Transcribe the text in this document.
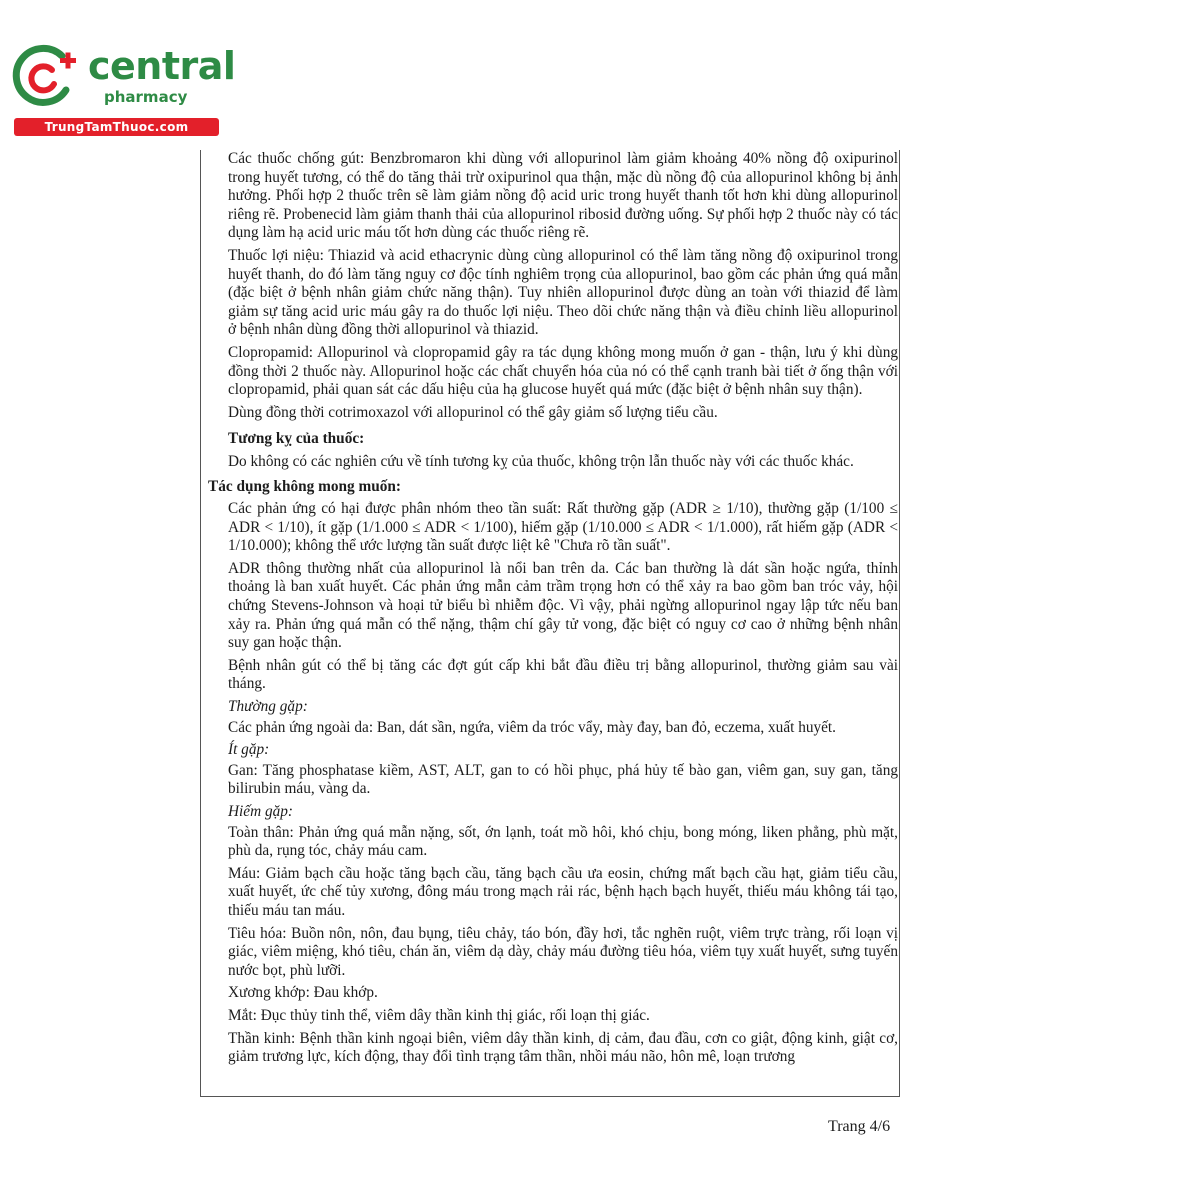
central
pharmacy
TrungTamThuoc.com

Các thuốc chống gút: Benzbromaron khi dùng với allopurinol làm giảm khoảng 40% nồng độ oxipurinol trong huyết tương, có thể do tăng thải trừ oxipurinol qua thận, mặc dù nồng độ của allopurinol không bị ảnh hưởng. Phối hợp 2 thuốc trên sẽ làm giảm nồng độ acid uric trong huyết thanh tốt hơn khi dùng allopurinol riêng rẽ. Probenecid làm giảm thanh thải của allopurinol ribosid đường uống. Sự phối hợp 2 thuốc này có tác dụng làm hạ acid uric máu tốt hơn dùng các thuốc riêng rẽ.

Thuốc lợi niệu: Thiazid và acid ethacrynic dùng cùng allopurinol có thể làm tăng nồng độ oxipurinol trong huyết thanh, do đó làm tăng nguy cơ độc tính nghiêm trọng của allopurinol, bao gồm các phản ứng quá mẫn (đặc biệt ở bệnh nhân giảm chức năng thận). Tuy nhiên allopurinol được dùng an toàn với thiazid để làm giảm sự tăng acid uric máu gây ra do thuốc lợi niệu. Theo dõi chức năng thận và điều chỉnh liều allopurinol ở bệnh nhân dùng đồng thời allopurinol và thiazid.

Clopropamid: Allopurinol và clopropamid gây ra tác dụng không mong muốn ở gan - thận, lưu ý khi dùng đồng thời 2 thuốc này. Allopurinol hoặc các chất chuyển hóa của nó có thể cạnh tranh bài tiết ở ống thận với clopropamid, phải quan sát các dấu hiệu của hạ glucose huyết quá mức (đặc biệt ở bệnh nhân suy thận).

Dùng đồng thời cotrimoxazol với allopurinol có thể gây giảm số lượng tiểu cầu.

Tương kỵ của thuốc:

Do không có các nghiên cứu về tính tương kỵ của thuốc, không trộn lẫn thuốc này với các thuốc khác.

Tác dụng không mong muốn:

Các phản ứng có hại được phân nhóm theo tần suất: Rất thường gặp (ADR ≥ 1/10), thường gặp (1/100 ≤ ADR < 1/10), ít gặp (1/1.000 ≤ ADR < 1/100), hiếm gặp (1/10.000 ≤ ADR < 1/1.000), rất hiếm gặp (ADR < 1/10.000); không thể ước lượng tần suất được liệt kê "Chưa rõ tần suất".

ADR thông thường nhất của allopurinol là nổi ban trên da. Các ban thường là dát sần hoặc ngứa, thỉnh thoảng là ban xuất huyết. Các phản ứng mẫn cảm trầm trọng hơn có thể xảy ra bao gồm ban tróc vảy, hội chứng Stevens-Johnson và hoại tử biểu bì nhiễm độc. Vì vậy, phải ngừng allopurinol ngay lập tức nếu ban xảy ra. Phản ứng quá mẫn có thể nặng, thậm chí gây tử vong, đặc biệt có nguy cơ cao ở những bệnh nhân suy gan hoặc thận.

Bệnh nhân gút có thể bị tăng các đợt gút cấp khi bắt đầu điều trị bằng allopurinol, thường giảm sau vài tháng.

Thường gặp:

Các phản ứng ngoài da: Ban, dát sần, ngứa, viêm da tróc vẩy, mày đay, ban đỏ, eczema, xuất huyết.

Ít gặp:

Gan: Tăng phosphatase kiềm, AST, ALT, gan to có hồi phục, phá hủy tế bào gan, viêm gan, suy gan, tăng bilirubin máu, vàng da.

Hiếm gặp:

Toàn thân: Phản ứng quá mẫn nặng, sốt, ớn lạnh, toát mồ hôi, khó chịu, bong móng, liken phẳng, phù mặt, phù da, rụng tóc, chảy máu cam.

Máu: Giảm bạch cầu hoặc tăng bạch cầu, tăng bạch cầu ưa eosin, chứng mất bạch cầu hạt, giảm tiểu cầu, xuất huyết, ức chế tủy xương, đông máu trong mạch rải rác, bệnh hạch bạch huyết, thiếu máu không tái tạo, thiếu máu tan máu.

Tiêu hóa: Buồn nôn, nôn, đau bụng, tiêu chảy, táo bón, đầy hơi, tắc nghẽn ruột, viêm trực tràng, rối loạn vị giác, viêm miệng, khó tiêu, chán ăn, viêm dạ dày, chảy máu đường tiêu hóa, viêm tụy xuất huyết, sưng tuyến nước bọt, phù lưỡi.

Xương khớp: Đau khớp.

Mắt: Đục thủy tinh thể, viêm dây thần kinh thị giác, rối loạn thị giác.

Thần kinh: Bệnh thần kinh ngoại biên, viêm dây thần kinh, dị cảm, đau đầu, cơn co giật, động kinh, giật cơ, giảm trương lực, kích động, thay đổi tình trạng tâm thần, nhồi máu não, hôn mê, loạn trương

Trang 4/6
